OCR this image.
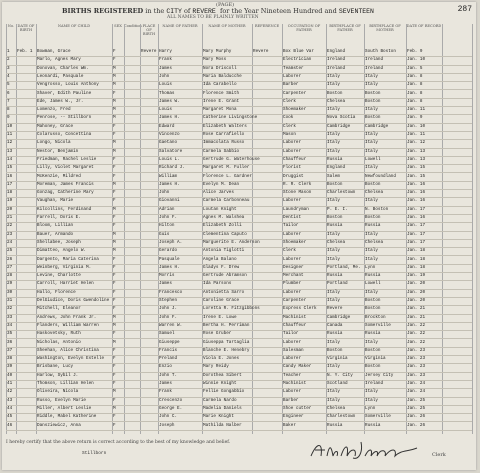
(PAGE)
BIRTHS REGISTERED in the CITY of REVERE for the Year Nineteen Hundred and SEVENTEEN	287
ALL NAMES TO BE PLAINLY WRITTEN
No. DATE OF BIRTH
NAME OF CHILD	SEX Condition PLACE OF BIRTH
NAME OF FATHER	NAME OF MOTHER	REFERENCE	OCCUPATION OF FATHER
BIRTHPLACE OF FATHER
BIRTHPLACE OF MOTHER
DATE OF RECORD
1	Feb. 1	Bowman, Grace	F	Revere Harry	Mary Murphy	Revere	Box Blue Var	England	South Boston	Feb. 9
2	Marlo, Agnes Mary	F	Frank	Mary Moss	Electrician	Ireland	Ireland	Jan. 10
3	Donovan, Charles Wm.	M	James	Nora Driscoll	Teamster	Ireland	Ireland	Jan. 5
4	Leonardi, Pasquale	M	John	Maria Balducche	Laborer	Italy	Italy	Jan. 8
5	Vengrosso, Louis Anthony	M	Louis	Ida Carabello	Barber	Italy	Italy	Jan. 8
6	Shaver, Edith Pauline	F	Thomas	Florence Smith	Carpenter	Boston	Boston	Jan. 8
7	Ede, James W., Jr.	M	James W.	Irene E. Grant	Clerk	Chelsea	Boston	Jan. 8
8	Lomenzo, Fred	M	Louis	Margaret Mona	Shoemaker	Italy	Italy	Jan. 11
9	Penrose, -- Stillborn	M	James H.	Catherine Livingstone	Cook	Nova Scotia	Boston	Jan. 9
10	Mahoney, Grace	F	Edward	Elizabeth Walters	Clerk	Cambridge	Cambridge	Jan. 10
11	Colarusso, Concettina	F	Vincenzo	Rose Carrafiello	Mason	Italy	Italy	Jan. 11
12	Longo, Nicola	M	Gaetano	Immacolata Russo	Laborer	Italy	Italy	Jan. 12
13	Nestor, Benjamin	M	Salvatore	Carmela Sabbio	Laborer	Italy	Italy	Jan. 13
14	Friedman, Rachel Leslie	F	Louis L.	Gertrude G. Waterhouse	Chauffeur	Russia	Lowell	Jan. 13
15	Lilly, Violet Margaret	F	Richard J.	Margaret M. Fuller	Florist	England	Italy	Jan. 15
16	McKenzie, Mildred	F	William	Florence L. Gardner	Druggist	Salem	Newfoundland	Jan. 15
17	Moreman, James Francis	M	James H.	Evelyn M. Dean	R. R. Clerk	Boston	Boston	Jan. 16
18	Gonzag, Catherine Mary	F	John	Alice Jarves	Stone Mason	Charlestown	Chelsea	Jan. 16
19	Vaughan, Marie	F	Giovanni	Carmela Carbonneau	Laborer	Italy	Italy	Jan. 16
20	Kilcollins, Ferdinand	M	Adrian	Loutan Knight	Laundryman	P. E. I.	N. Boston	Jan. 17
21	Farrell, Doris E.	F	John F.	Agnes M. Walshea	Dentist	Boston	Boston	Jan. 16
22	Bloom, Lillian	F	Hilton	Elizabeth Zolli	Tailor	Russia	Russia	Jan. 17
23	Bauer, Armando	M	Guis	Clementina Caputo	Laborer	Italy	Italy	Jan. 17
24	Shellabee, Joseph	M	Joseph A.	Marguerite E. Anderson	Shoemaker	Chelsea	Chelsea	Jan. 17
25	Dimatteo, Angelo W.	M	Gerardo	Antonia Tiglotti	Clerk	Italy	Italy	Jan. 18
26	Dargento, Maria Caterina	F	Pasquale	Angela Balano	Laborer	Italy	Italy	Jan. 18
27	Weinberg, Virginia M.	F	James H.	Gladys F. Drew	Designer	Portland, Me.	Lynn	Jan. 18
28	Levine, Charlotte	F	Morris	Gertrude Abramson	Merchant	Russia	Russia	Jan. 19
29	Carroll, Harriet Helen	F	James	Ida Parsons	Plumber	Portland	Lowell	Jan. 20
30	Hallo, Florence	F	Francesco	Antonietta Sarro	Laborer	Italy	Italy	Jan. 20
31	DelGiudice, Doris Gwendoline F	Stephen	Caroline Grace	Carpenter	Italy	Boston	Jan. 20
32	Mitchell, Eleanor	F	John J.	Loretta R. Fitzgibbons	Express Clerk	Revere	Boston	Jan. 21
33	Andrews, John Frank Jr.	M	John F.	Irene E. Lowe	Machinist	Cambridge	Brockton	Jan. 21
34	Flanders, William Warren	M	Warren W.	Bertha H. Perriman	Chauffeur	Canada	Somerville	Jan. 22
35	Haskovetsky, Ruth	F	Samuel	Rose Gruber	Tailor	Russia	Russia	Jan. 22
36	Nicholas, Antonio	M	Giuseppe	Giuseppa Tartaglia	Laborer	Italy	Italy	Jan. 22
37	Sheehan, Alice Christina	F	Francis	Blanche E. Henebry	Salesman	Boston	Boston	Jan. 23
38	Washington, Evelyn Estelle	F	Preland	Viola E. Jones	Laborer	Virginia	Virginia	Jan. 23
39	Brisbane, Lucy	F	Enzio	Mary Reidy	Candy Maker	Italy	Boston	Jan. 23
40	Harlow, Sybil J.	F	John T.	Dorothea Sibert	Teacher	N. Y. City	Jersey City	Jan. 23
41	Thomson, Lillian Helen	F	James	Winnie Knight	Machinist	Scotland	Ireland	Jan. 24
42	Oliveira, Nicola	M	Frank	Fellie Gongabbio	Laborer	Italy	Italy	Jan. 24
43	Russo, Evelyn Marie	F	Crescenzo	Carmela Nardo	Barber	Italy	Italy	Jan. 25
44	Miller, Albert Leslie	M	George E.	Madelia Daniels	Shoe cutter	Chelsea	Lynn	Jan. 25
45	Riddle, Mabel Katherine	F	John C.	Marie Knight	Engineer	Charlestown	Somerville	Jan. 26
46	Dansziewicz, Anna	F	Joseph	Mathilda Nalber	Baker	Russia	Russia	Jan. 26
I hereby certify that the above return is correct according to the best of my knowledge and belief.
Stillborn	Clerk
